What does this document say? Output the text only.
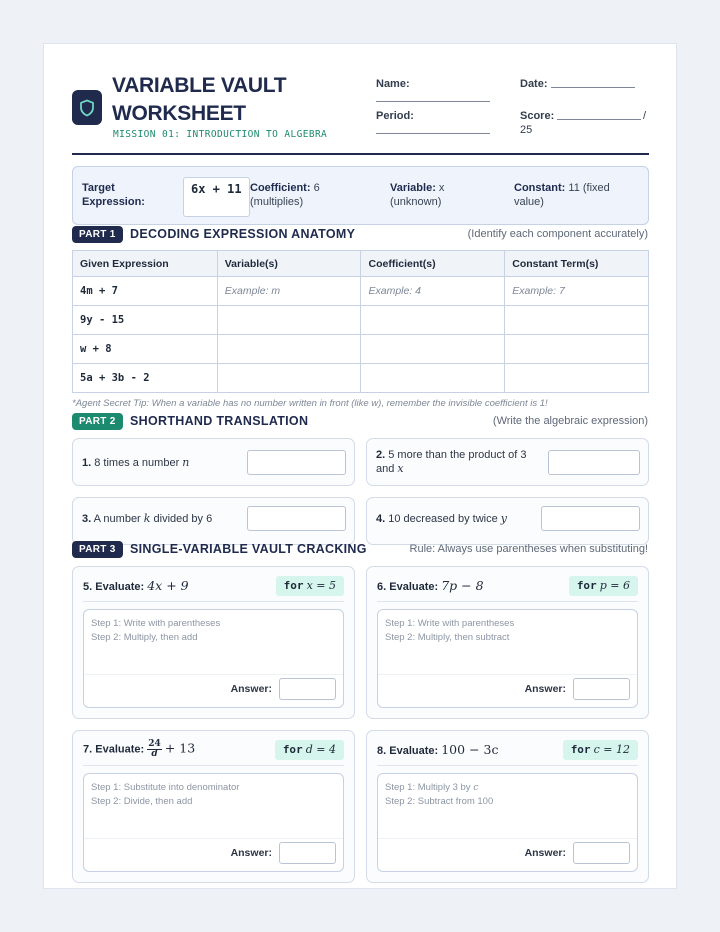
VARIABLE VAULT WORKSHEET
MISSION 01: INTRODUCTION TO ALGEBRA
Name:
Period:
Date:
Score:	/
25
Target Expression:
6x + 11 Coefficient: 6 (multiplies)
Variable: x (unknown)
Constant: 11 (fixed value)
PART 1	DECODING EXPRESSION ANATOMY	(Identify each component accurately)
Given Expression	Variable(s)	Coefficient(s)	Constant Term(s)
4m + 7	Example: m	Example: 4	Example: 7
9y - 15			
w + 8			
5a + 3b - 2			
*Agent Secret Tip: When a variable has no number written in front (like w), remember the invisible coefficient is 1!
PART 2	SHORTHAND TRANSLATION	(Write the algebraic expression)
1. 8 times a number n
2. 5 more than the product of 3 and x
3. A number k divided by 6	4. 10 decreased by twice y
PART 3	SINGLE-VARIABLE VAULT CRACKING	Rule: Always use parentheses when substituting!
5. Evaluate: 4x + 9	for x = 5
Step 1: Write with parentheses
Step 2: Multiply, then add
Answer:
6. Evaluate: 7p − 8	for p = 6
Step 1: Write with parentheses
Step 2: Multiply, then subtract
Answer:
7. Evaluate: $\frac{24}{d} + 13$	for d = 4
Step 1: Substitute into denominator
Step 2: Divide, then add
Answer:
8. Evaluate: 100 − 3c	for c = 12
Step 1: Multiply 3 by c
Step 2: Subtract from 100
Answer:
